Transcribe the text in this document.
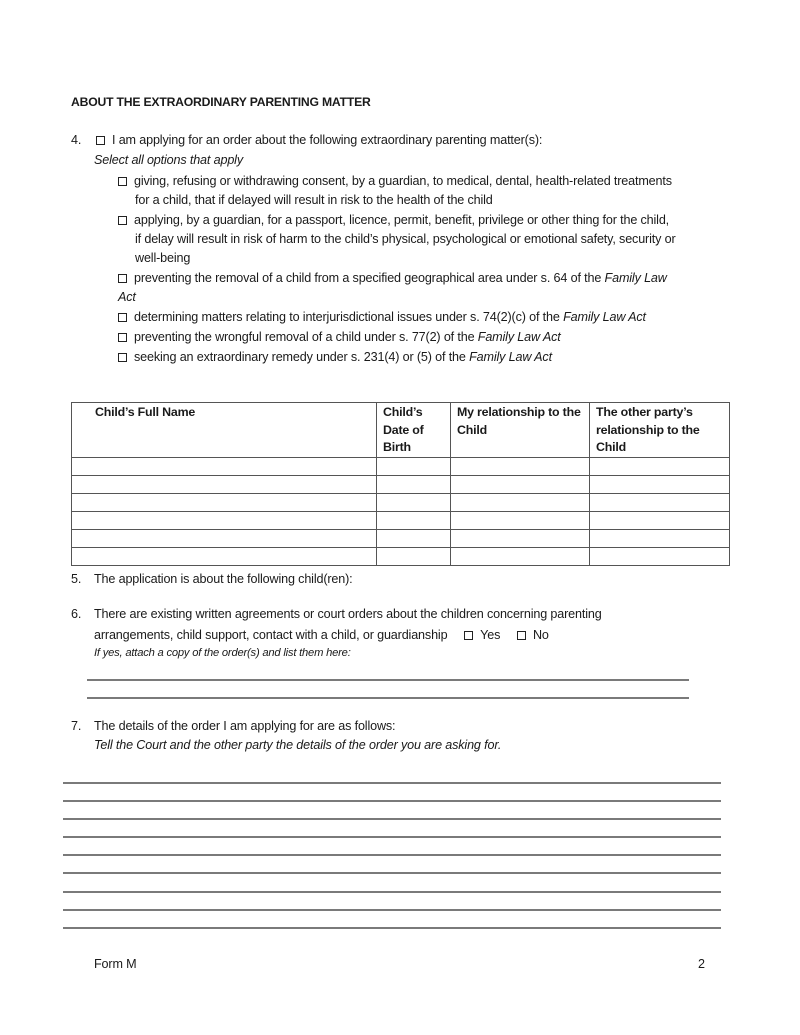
ABOUT THE EXTRAORDINARY PARENTING MATTER
4.	I am applying for an order about the following extraordinary parenting matter(s):
Select all options that apply
giving, refusing or withdrawing consent, by a guardian, to medical, dental, health-related treatments
for a child, that if delayed will result in risk to the health of the child
applying, by a guardian, for a passport, licence, permit, benefit, privilege or other thing for the child,
if delay will result in risk of harm to the child’s physical, psychological or emotional safety, security or
well-being
preventing the removal of a child from a specified geographical area under s. 64 of the Family Law
Act
determining matters relating to interjurisdictional issues under s. 74(2)(c) of the Family Law Act
preventing the wrongful removal of a child under s. 77(2) of the Family Law Act
seeking an extraordinary remedy under s. 231(4) or (5) of the Family Law Act
Child’s Full Name	Child’s Date of Birth	My relationship to the Child	The other party’s relationship to the Child

5. The application is about the following child(ren):
6. There are existing written agreements or court orders about the children concerning parenting
arrangements, child support, contact with a child, or guardianship	Yes	No
If yes, attach a copy of the order(s) and list them here:
7. The details of the order I am applying for are as follows:
Tell the Court and the other party the details of the order you are asking for.
Form M	2
